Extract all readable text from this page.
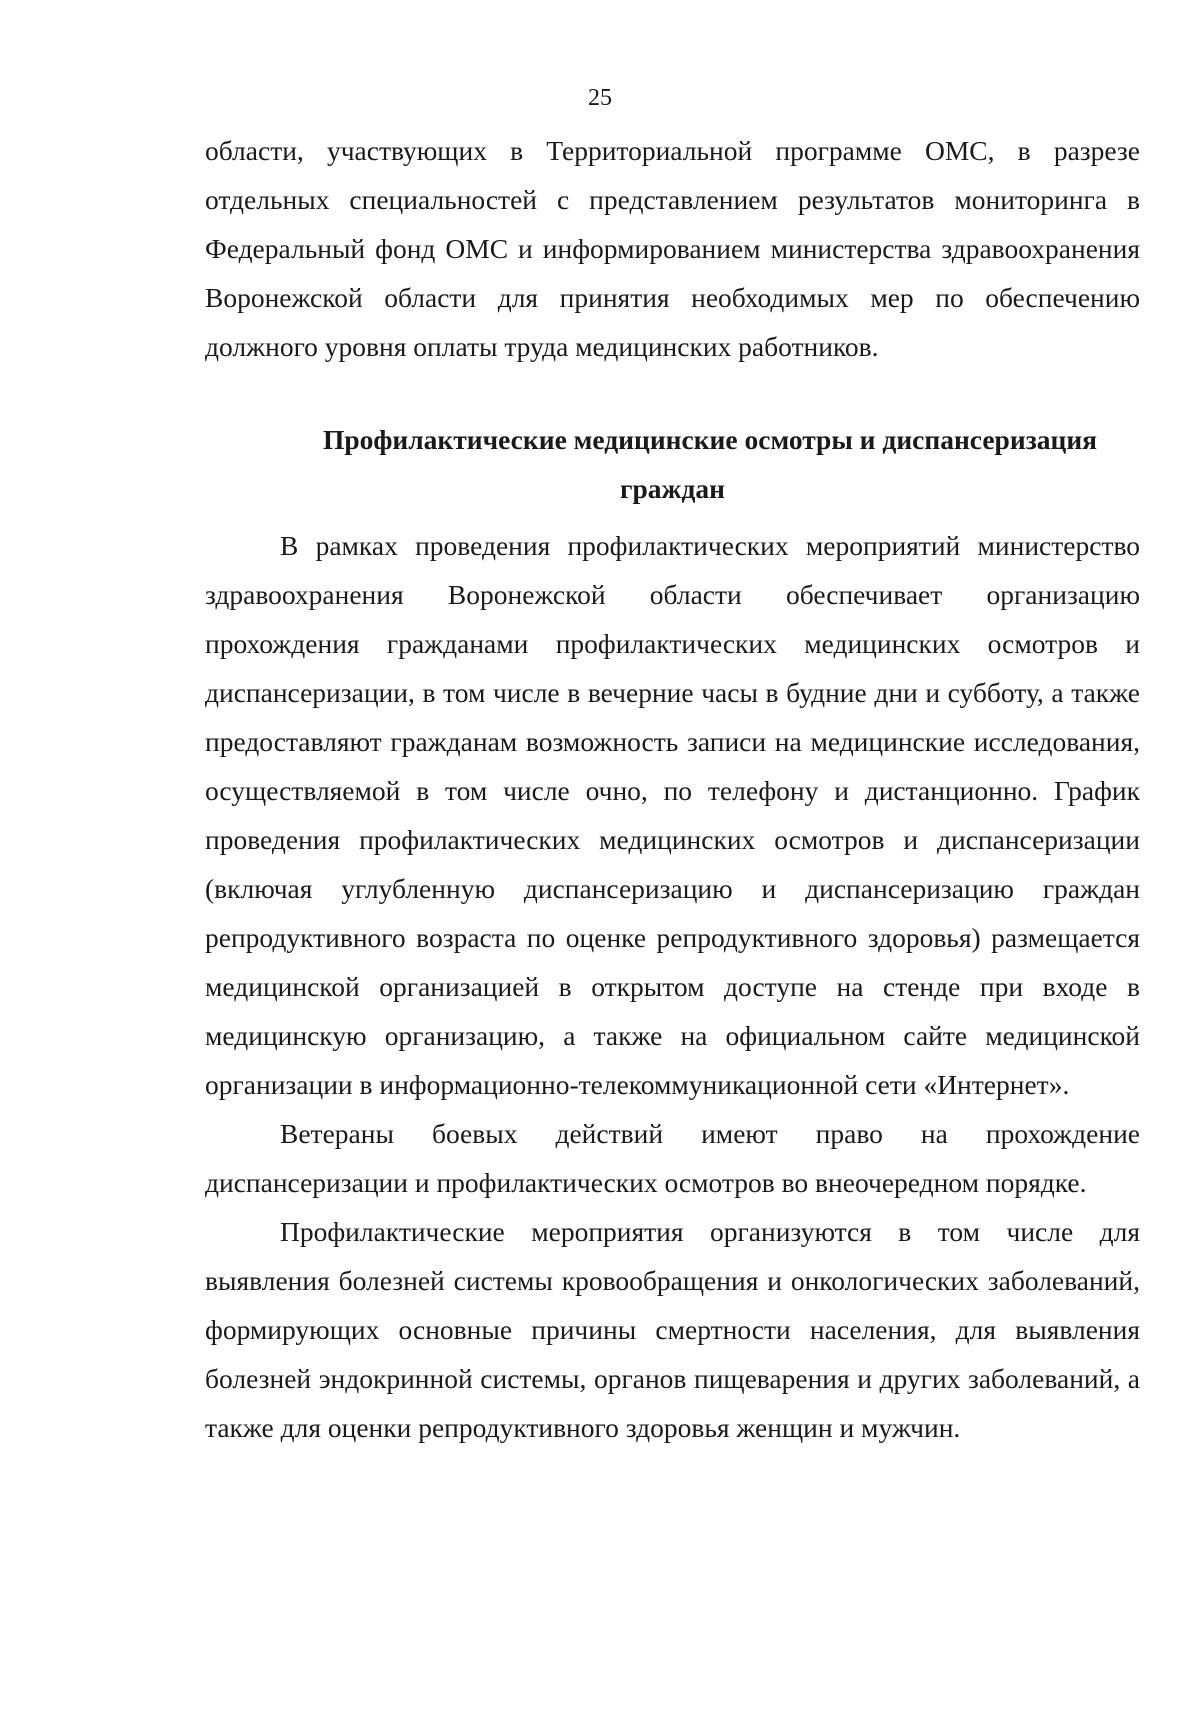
25

области, участвующих в Территориальной программе ОМС, в разрезе отдельных специальностей с представлением результатов мониторинга в Федеральный фонд ОМС и информированием министерства здравоохранения Воронежской области для принятия необходимых мер по обеспечению должного уровня оплаты труда медицинских работников.

Профилактические медицинские осмотры и диспансеризация граждан

В рамках проведения профилактических мероприятий министерство здравоохранения Воронежской области обеспечивает организацию прохождения гражданами профилактических медицинских осмотров и диспансеризации, в том числе в вечерние часы в будние дни и субботу, а также предоставляют гражданам возможность записи на медицинские исследования, осуществляемой в том числе очно, по телефону и дистанционно. График проведения профилактических медицинских осмотров и диспансеризации (включая углубленную диспансеризацию и диспансеризацию граждан репродуктивного возраста по оценке репродуктивного здоровья) размещается медицинской организацией в открытом доступе на стенде при входе в медицинскую организацию, а также на официальном сайте медицинской организации в информационно-телекоммуникационной сети «Интернет».

Ветераны боевых действий имеют право на прохождение диспансеризации и профилактических осмотров во внеочередном порядке.

Профилактические мероприятия организуются в том числе для выявления болезней системы кровообращения и онкологических заболеваний, формирующих основные причины смертности населения, для выявления болезней эндокринной системы, органов пищеварения и других заболеваний, а также для оценки репродуктивного здоровья женщин и мужчин.
